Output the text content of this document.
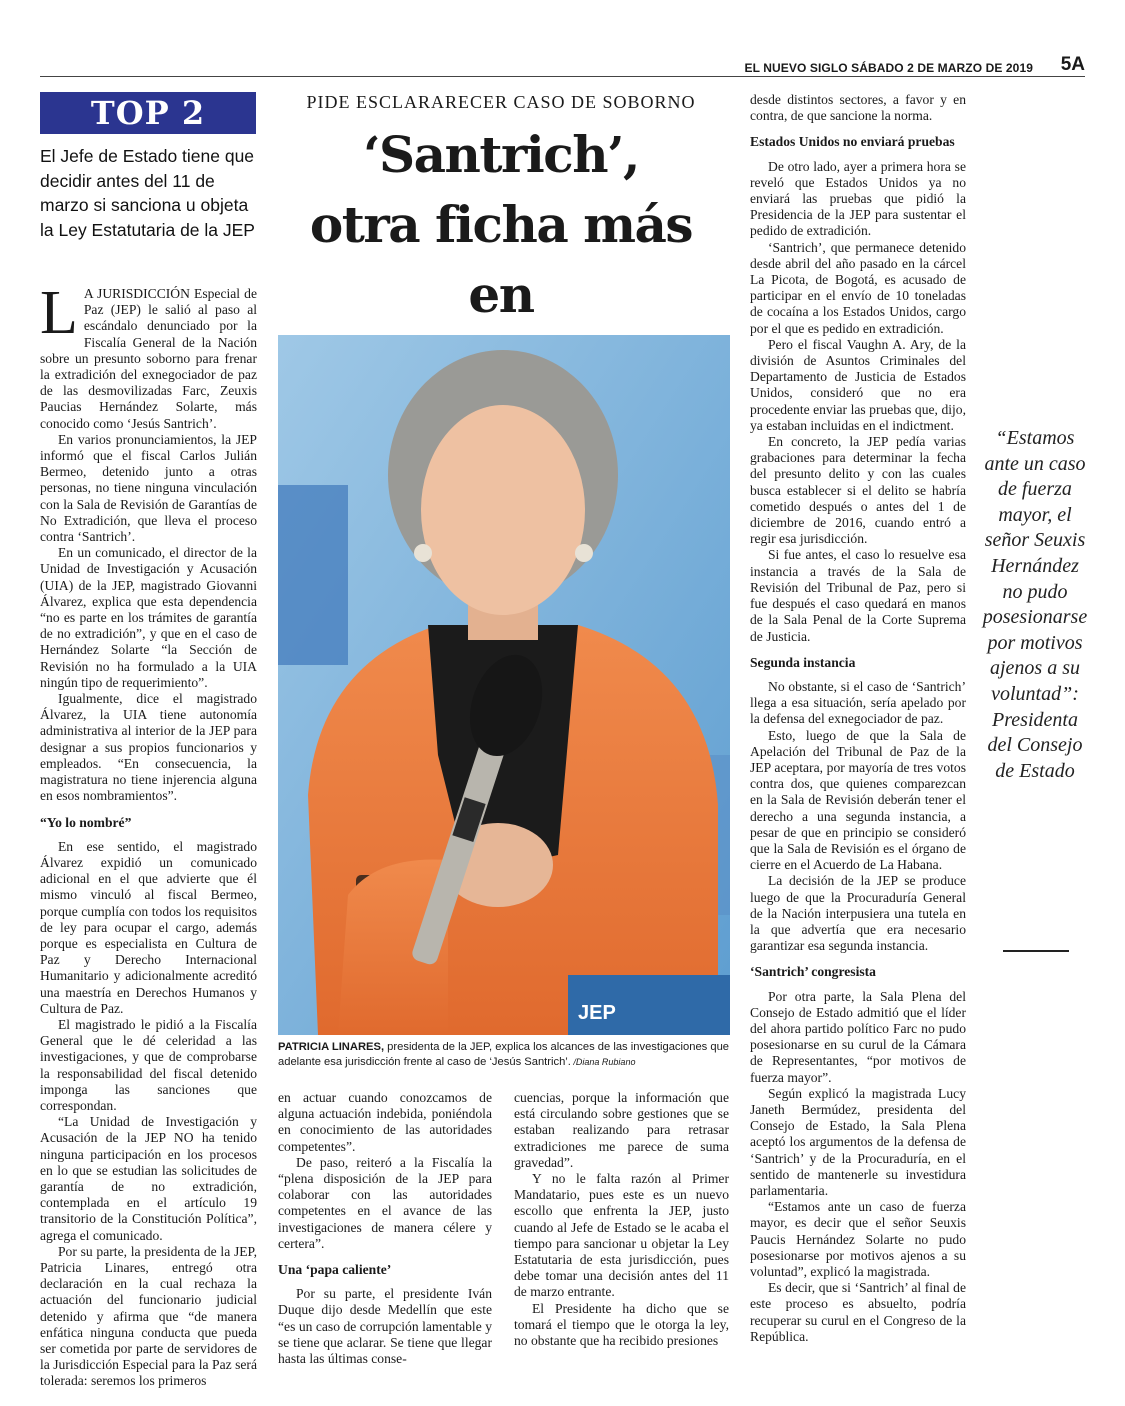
EL NUEVO SIGLO SÁBADO 2 DE MARZO DE 2019 5A
TOP 2
El Jefe de Estado tiene que decidir antes del 11 de marzo si sanciona u objeta la Ley Estatutaria de la JEP

L A JURISDICCIÓN Especial de Paz (JEP) le salió al paso al escándalo denunciado por la Fiscalía General de la Nación sobre un presunto soborno para frenar la extradición del exnegociador de paz de las desmovilizadas Farc, Zeuxis Paucias Hernández Solarte, más conocido como ‘Jesús Santrich’.

En varios pronunciamientos, la JEP informó que el fiscal Carlos Julián Bermeo, detenido junto a otras personas, no tiene ninguna vinculación con la Sala de Revisión de Garantías de No Extradición, que lleva el proceso contra ‘Santrich’.

En un comunicado, el director de la Unidad de Investigación y Acusación (UIA) de la JEP, magistrado Giovanni Álvarez, explica que esta dependencia “no es parte en los trámites de garantía de no extradición”, y que en el caso de Hernández Solarte “la Sección de Revisión no ha formulado a la UIA ningún tipo de requerimiento”.

Igualmente, dice el magistrado Álvarez, la UIA tiene autonomía administrativa al interior de la JEP para designar a sus propios funcionarios y empleados. “En consecuencia, la magistratura no tiene injerencia alguna en esos nombramientos”.

“Yo lo nombré”

En ese sentido, el magistrado Álvarez expidió un comunicado adicional en el que advierte que él mismo vinculó al fiscal Bermeo, porque cumplía con todos los requisitos de ley para ocupar el cargo, además porque es especialista en Cultura de Paz y Derecho Internacional Humanitario y adicionalmente acreditó una maestría en Derechos Humanos y Cultura de Paz.

El magistrado le pidió a la Fiscalía General que le dé celeridad a las investigaciones, y que de comprobarse la responsabilidad del fiscal detenido imponga las sanciones que correspondan.

“La Unidad de Investigación y Acusación de la JEP NO ha tenido ninguna participación en los procesos en lo que se estudian las solicitudes de garantía de no extradición, contemplada en el artículo 19 transitorio de la Constitución Política”, agrega el comunicado.

Por su parte, la presidenta de la JEP, Patricia Linares, entregó otra declaración en la cual rechaza la actuación del funcionario judicial detenido y afirma que “de manera enfática ninguna conducta que pueda ser cometida por parte de servidores de la Jurisdicción Especial para la Paz será tolerada: seremos los primeros

PIDE ESCLARARECER CASO DE SOBORNO
‘Santrich’,
otra ficha más en
JEP
PATRICIA LINARES, presidenta de la JEP, explica los alcances de las investigaciones que adelante esa jurisdicción frente al caso de ‘Jesús Santrich’. /Diana Rubiano

en actuar cuando conozcamos de alguna actuación indebida, poniéndola en conocimiento de las autoridades competentes”.

De paso, reiteró a la Fiscalía la “plena disposición de la JEP para colaborar con las autoridades competentes en el avance de las investigaciones de manera célere y certera”.

Una ‘papa caliente’

Por su parte, el presidente Iván Duque dijo desde Medellín que este “es un caso de corrupción lamentable y se tiene que aclarar. Se tiene que llegar hasta las últimas conse-

cuencias, porque la información que está circulando sobre gestiones que se estaban realizando para retrasar extradiciones me parece de suma gravedad”.

Y no le falta razón al Primer Mandatario, pues este es un nuevo escollo que enfrenta la JEP, justo cuando al Jefe de Estado se le acaba el tiempo para sancionar u objetar la Ley Estatutaria de esta jurisdicción, pues debe tomar una decisión antes del 11 de marzo entrante.

El Presidente ha dicho que se tomará el tiempo que le otorga la ley, no obstante que ha recibido presiones

desde distintos sectores, a favor y en contra, de que sancione la norma.

Estados Unidos no enviará pruebas

De otro lado, ayer a primera hora se reveló que Estados Unidos ya no enviará las pruebas que pidió la Presidencia de la JEP para sustentar el pedido de extradición.

‘Santrich’, que permanece detenido desde abril del año pasado en la cárcel La Picota, de Bogotá, es acusado de participar en el envío de 10 toneladas de cocaína a los Estados Unidos, cargo por el que es pedido en extradición.

Pero el fiscal Vaughn A. Ary, de la división de Asuntos Criminales del Departamento de Justicia de Estados Unidos, consideró que no era procedente enviar las pruebas que, dijo, ya estaban incluidas en el indictment.

En concreto, la JEP pedía varias grabaciones para determinar la fecha del presunto delito y con las cuales busca establecer si el delito se habría cometido después o antes del 1 de diciembre de 2016, cuando entró a regir esa jurisdicción.

Si fue antes, el caso lo resuelve esa instancia a través de la Sala de Revisión del Tribunal de Paz, pero si fue después el caso quedará en manos de la Sala Penal de la Corte Suprema de Justicia.

Segunda instancia

No obstante, si el caso de ‘Santrich’ llega a esa situación, sería apelado por la defensa del exnegociador de paz.

Esto, luego de que la Sala de Apelación del Tribunal de Paz de la JEP aceptara, por mayoría de tres votos contra dos, que quienes comparezcan en la Sala de Revisión deberán tener el derecho a una segunda instancia, a pesar de que en principio se consideró que la Sala de Revisión es el órgano de cierre en el Acuerdo de La Habana.

La decisión de la JEP se produce luego de que la Procuraduría General de la Nación interpusiera una tutela en la que advertía que era necesario garantizar esa segunda instancia.

‘Santrich’ congresista

Por otra parte, la Sala Plena del Consejo de Estado admitió que el líder del ahora partido político Farc no pudo posesionarse en su curul de la Cámara de Representantes, “por motivos de fuerza mayor”.

Según explicó la magistrada Lucy Janeth Bermúdez, presidenta del Consejo de Estado, la Sala Plena aceptó los argumentos de la defensa de ‘Santrich’ y de la Procuraduría, en el sentido de mantenerle su investidura parlamentaria.

“Estamos ante un caso de fuerza mayor, es decir que el señor Seuxis Paucis Hernández Solarte no pudo posesionarse por motivos ajenos a su voluntad”, explicó la magistrada.

Es decir, que si ‘Santrich’ al final de este proceso es absuelto, podría recuperar su curul en el Congreso de la República.

“Estamos ante un caso de fuerza mayor, el señor Seuxis Hernández no pudo posesionarse por motivos ajenos a su voluntad”: Presidenta del Consejo de Estado
